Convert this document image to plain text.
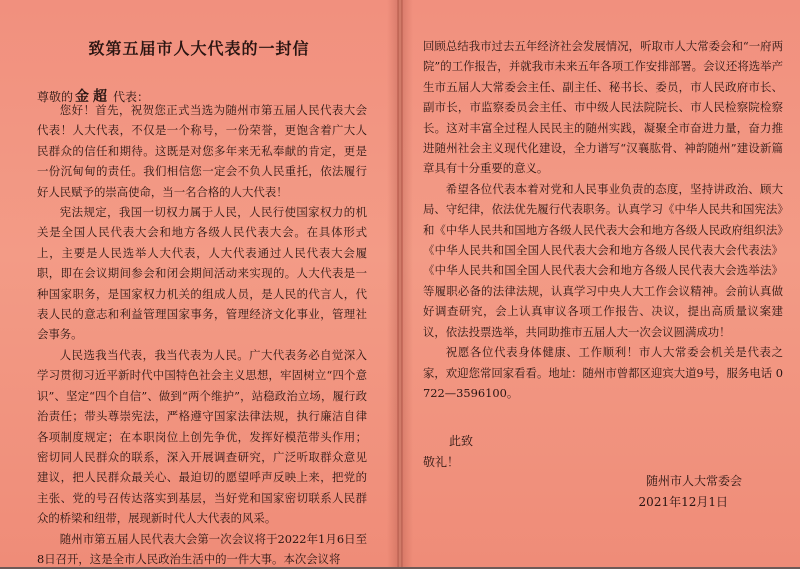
致第五届市人大代表的一封信
尊敬的 金超 代表：

您好！首先，祝贺您正式当选为随州市第五届人民代表大会代表！人大代表，不仅是一个称号，一份荣誉，更饱含着广大人民群众的信任和期待。这既是对您多年来无私奉献的肯定，更是一份沉甸甸的责任。我们相信您一定会不负人民重托，依法履行好人民赋予的崇高使命，当一名合格的人大代表！

宪法规定，我国一切权力属于人民，人民行使国家权力的机关是全国人民代表大会和地方各级人民代表大会。在具体形式上，主要是人民选举人大代表，人大代表通过人民代表大会履职，即在会议期间参会和闭会期间活动来实现的。人大代表是一种国家职务，是国家权力机关的组成人员，是人民的代言人，代表人民的意志和利益管理国家事务，管理经济文化事业，管理社会事务。

人民选我当代表，我当代表为人民。广大代表务必自觉深入学习贯彻习近平新时代中国特色社会主义思想，牢固树立“四个意识”、坚定“四个自信”、做到“两个维护”，站稳政治立场，履行政治责任；带头尊崇宪法，严格遵守国家法律法规，执行廉洁自律各项制度规定；在本职岗位上创先争优，发挥好模范带头作用；密切同人民群众的联系，深入开展调查研究，广泛听取群众意见建议，把人民群众最关心、最迫切的愿望呼声反映上来，把党的主张、党的号召传达落实到基层，当好党和国家密切联系人民群众的桥梁和纽带，展现新时代人大代表的风采。

随州市第五届人民代表大会第一次会议将于2022年1月6日至8日召开，这是全市人民政治生活中的一件大事。本次会议将

回顾总结我市过去五年经济社会发展情况，听取市人大常委会和“一府两院”的工作报告，并就我市未来五年各项工作安排部署。会议还将选举产生市五届人大常委会主任、副主任、秘书长、委员，市人民政府市长、副市长，市监察委员会主任、市中级人民法院院长、市人民检察院检察长。这对丰富全过程人民民主的随州实践，凝聚全市奋进力量，奋力推进随州社会主义现代化建设，全力谱写“汉襄肱骨、神韵随州”建设新篇章具有十分重要的意义。

希望各位代表本着对党和人民事业负责的态度，坚持讲政治、顾大局、守纪律，依法优先履行代表职务。认真学习《中华人民共和国宪法》和《中华人民共和国地方各级人民代表大会和地方各级人民政府组织法》《中华人民共和国全国人民代表大会和地方各级人民代表大会代表法》《中华人民共和国全国人民代表大会和地方各级人民代表大会选举法》等履职必备的法律法规，认真学习中央人大工作会议精神。会前认真做好调查研究，会上认真审议各项工作报告、决议，提出高质量议案建议，依法投票选举，共同助推市五届人大一次会议圆满成功！

祝愿各位代表身体健康、工作顺利！市人大常委会机关是代表之家，欢迎您常回家看看。地址：随州市曾都区迎宾大道9号，服务电话 0722—3596100。

此致
敬礼！
随州市人大常委会
2021年12月1日
